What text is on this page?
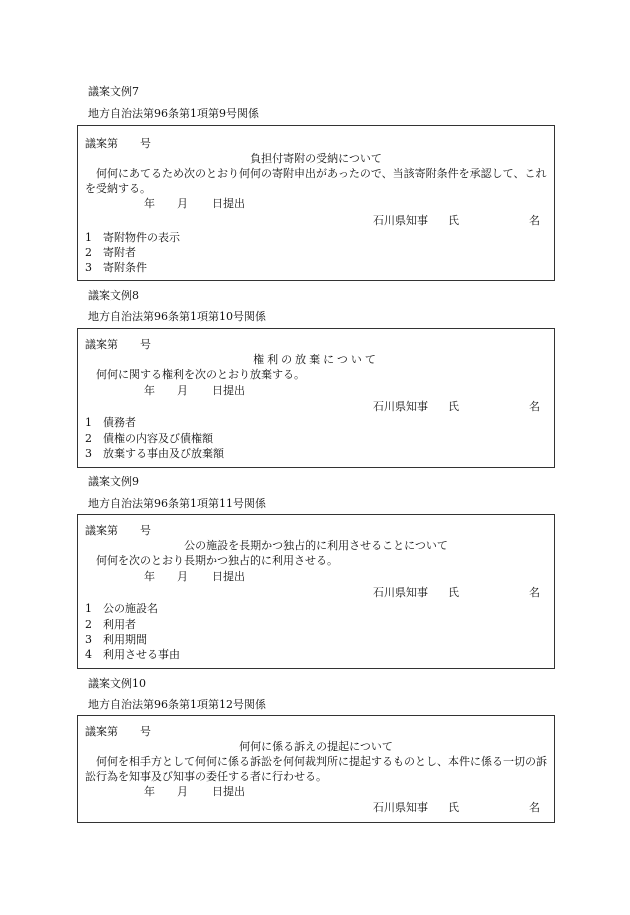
議案文例7
地方自治法第96条第1項第9号関係
議案第　　号
負担付寄附の受納について
何何にあてるため次のとおり何何の寄附申出があったので、当該寄附条件を承認して、これを受納する。
年 月 日提出
石川県知事 氏	名
1　寄附物件の表示
2　寄附者
3　寄附条件
議案文例8
地方自治法第96条第1項第10号関係
議案第　　号
権利の放棄について
何何に関する権利を次のとおり放棄する。
年 月 日提出
石川県知事 氏	名
1　債務者
2　債権の内容及び債権額
3　放棄する事由及び放棄額
議案文例9
地方自治法第96条第1項第11号関係
議案第　　号
公の施設を長期かつ独占的に利用させることについて
何何を次のとおり長期かつ独占的に利用させる。
年 月 日提出
石川県知事 氏	名
1　公の施設名
2　利用者
3　利用期間
4　利用させる事由
議案文例10
地方自治法第96条第1項第12号関係
議案第　　号
何何に係る訴えの提起について
何何を相手方として何何に係る訴訟を何何裁判所に提起するものとし、本件に係る一切の訴訟行為を知事及び知事の委任する者に行わせる。
年 月 日提出
石川県知事 氏	名
